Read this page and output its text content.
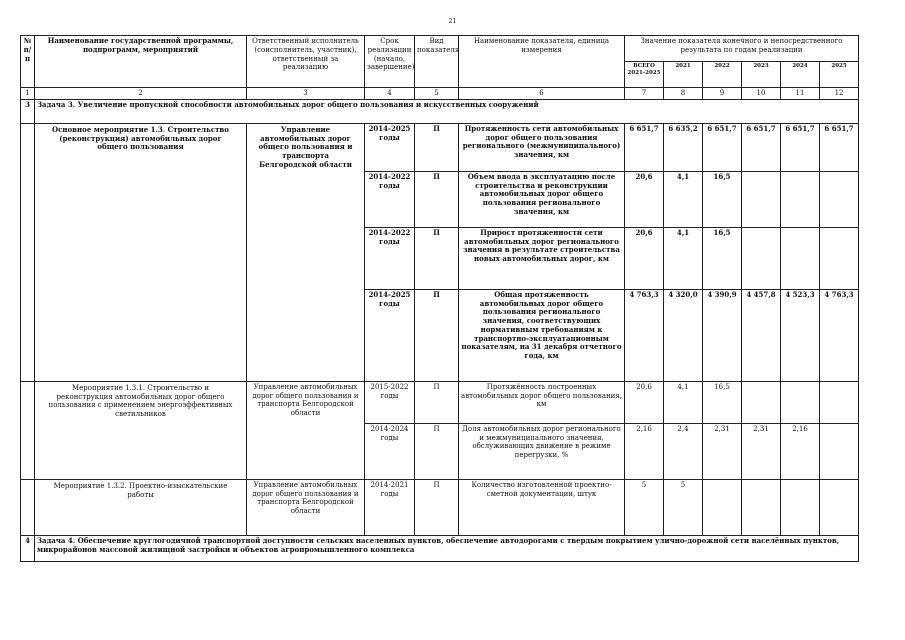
21
№ п/п	Наименование государственной программы, подпрограмм, мероприятий	Ответственный исполнитель (соисполнитель, участник), ответственный за реализацию	Срок реализации (начало, завершение)	Вид показателя	Наименование показателя, единица измерения	Значение показателя конечного и непосредственного результата по годам реализации					
						ВСЕГО 2021-2025	2021	2022	2023	2024	2025
1	2	3	4	5	6	7	8	9	10	11	12
3	Задача 3. Увеличение пропускной способности автомобильных дорог общего пользования и искусственных сооружений										
	Основное мероприятие 1.3. Строительство (реконструкция) автомобильных дорог общего пользования	Управление автомобильных дорог общего пользования и транспорта Белгородской области	2014-2025 годы	П	Протяженность сети автомобильных дорог общего пользования регионального (межмуниципального) значения, км	6 651,7	6 635,2	6 651,7	6 651,7	6 651,7	6 651,7
			2014-2022 годы	П	Объем ввода в эксплуатацию после строительства и реконструкции автомобильных дорог общего пользования регионального значения, км	20,6	4,1	16,5			
			2014-2022 годы	П	Прирост протяженности сети автомобильных дорог регионального значения в результате строительства новых автомобильных дорог, км	20,6	4,1	16,5			
			2014-2025 годы	П	Общая протяженность автомобильных дорог общего пользования регионального значения, соответствующих нормативным требованиям к транспортно-эксплуатационным показателям, на 31 декабря отчетного года, км	4 763,3	4 320,0	4 390,9	4 457,8	4 523,3	4 763,3
	Мероприятие 1.3.1. Строительство и реконструкция автомобильных дорог общего пользования с применением энергоэффективных светильников	Управление автомобильных дорог общего пользования и транспорта Белгородской области	2015-2022 годы	П	Протяжённость построенных автомобильных дорог общего пользования, км	20,6	4,1	16,5			
			2014-2024 годы	П	Доля автомобильных дорог регионального и межмуниципального значения, обслуживающих движение в режиме перегрузки, %	2,16	2,4	2,31	2,31	2,16	
	Мероприятие 1.3.2. Проектно-изыскательские работы	Управление автомобильных дорог общего пользования и транспорта Белгородской области	2014-2021 годы	П	Количество изготовленной проектно-сметной документации, штук	5	5				
4	Задача 4. Обеспечение круглогодичной транспортной доступности сельских населенных пунктов, обеспечение автодорогами с твердым покрытием улично-дорожной сети населённых пунктов, микрорайонов массовой жилищной застройки и объектов агропромышленного комплекса										
